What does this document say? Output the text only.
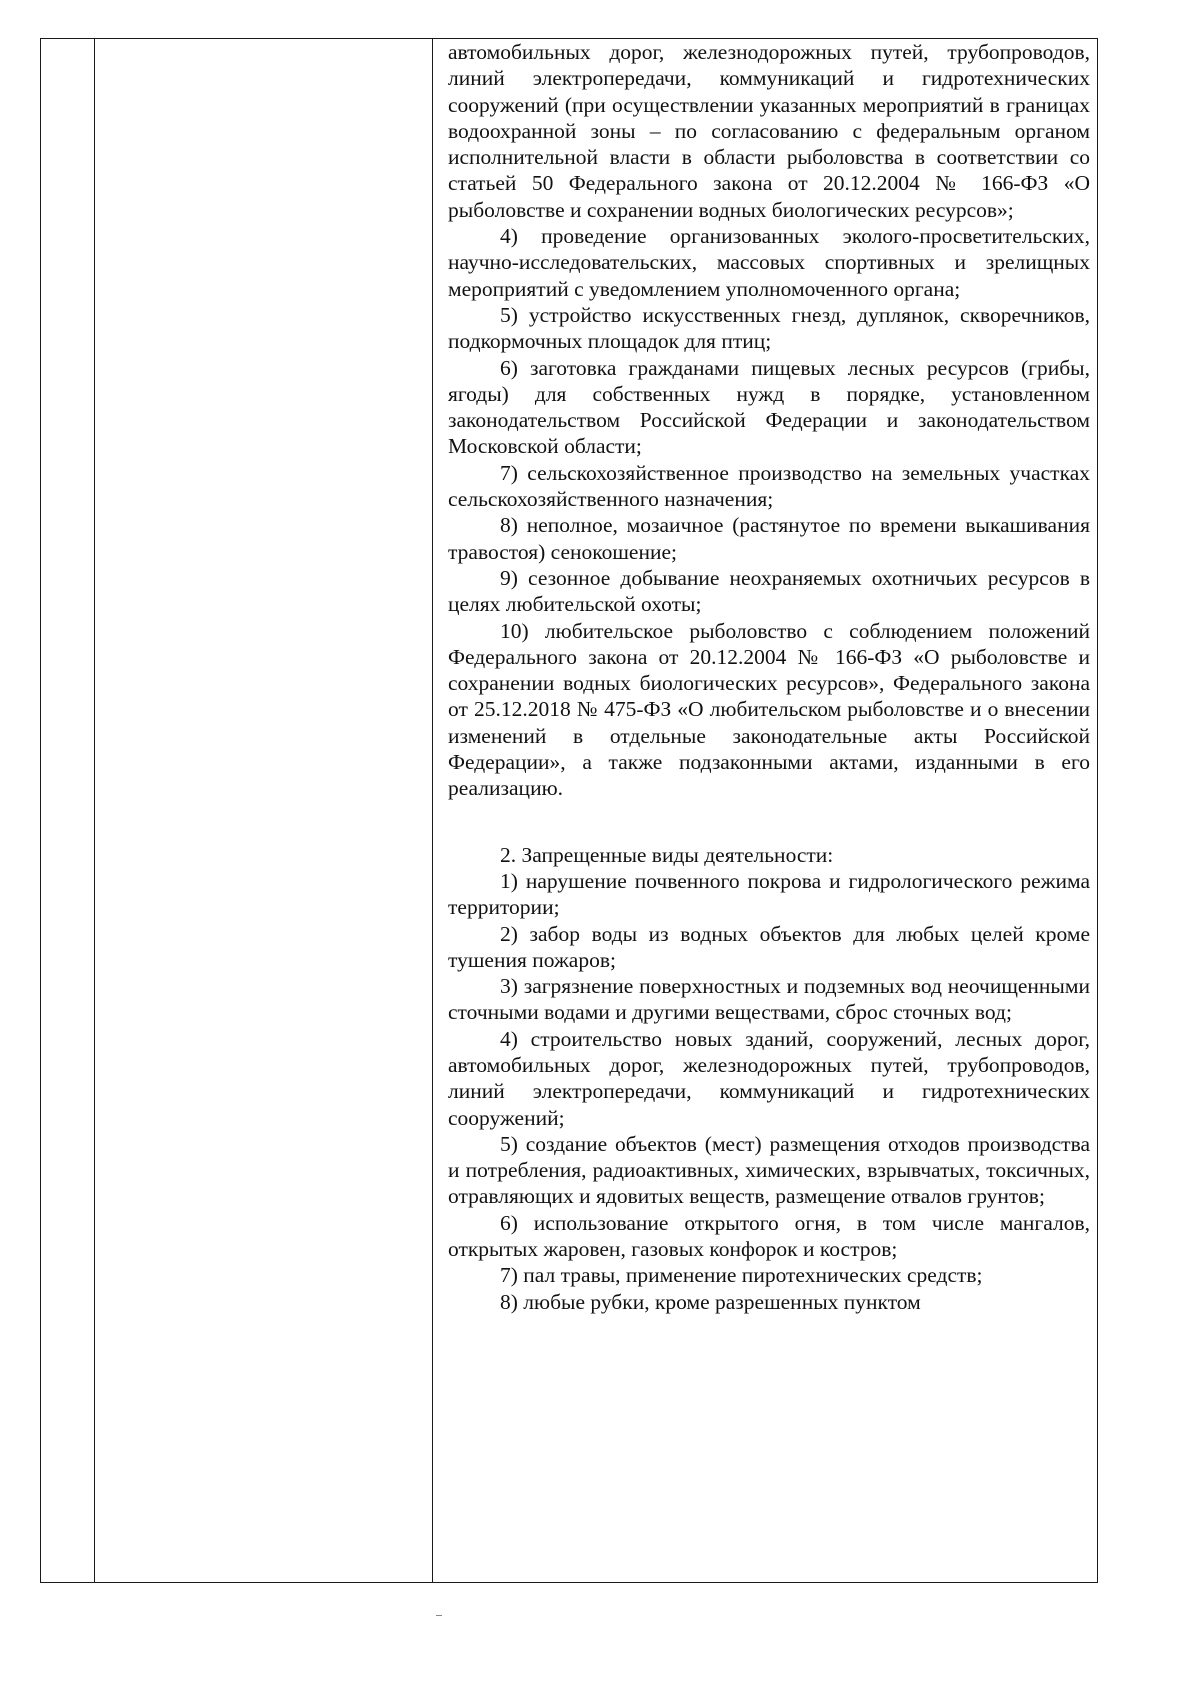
автомобильных дорог, железнодорожных путей, трубопроводов, линий электропередачи, коммуникаций и гидротехнических сооружений (при осуществлении указанных мероприятий в границах водоохранной зоны – по согласованию с федеральным органом исполнительной власти в области рыболовства в соответствии со статьей 50 Федерального закона от 20.12.2004 № 166-ФЗ «О рыболовстве и сохранении водных биологических ресурсов»;

4) проведение организованных эколого-просветительских, научно-исследовательских, массовых спортивных и зрелищных мероприятий с уведомлением уполномоченного органа;

5) устройство искусственных гнезд, дуплянок, скворечников, подкормочных площадок для птиц;

6) заготовка гражданами пищевых лесных ресурсов (грибы, ягоды) для собственных нужд в порядке, установленном законодательством Российской Федерации и законодательством Московской области;

7) сельскохозяйственное производство на земельных участках сельскохозяйственного назначения;

8) неполное, мозаичное (растянутое по времени выкашивания травостоя) сенокошение;

9) сезонное добывание неохраняемых охотничьих ресурсов в целях любительской охоты;

10) любительское рыболовство с соблюдением положений Федерального закона от 20.12.2004 № 166-ФЗ «О рыболовстве и сохранении водных биологических ресурсов», Федерального закона от 25.12.2018 № 475-ФЗ «О любительском рыболовстве и о внесении изменений в отдельные законодательные акты Российской Федерации», а также подзаконными актами, изданными в его реализацию.

2. Запрещенные виды деятельности:

1) нарушение почвенного покрова и гидрологического режима территории;

2) забор воды из водных объектов для любых целей кроме тушения пожаров;

3) загрязнение поверхностных и подземных вод неочищенными сточными водами и другими веществами, сброс сточных вод;

4) строительство новых зданий, сооружений, лесных дорог, автомобильных дорог, железнодорожных путей, трубопроводов, линий электропередачи, коммуникаций и гидротехнических сооружений;

5) создание объектов (мест) размещения отходов производства и потребления, радиоактивных, химических, взрывчатых, токсичных, отравляющих и ядовитых веществ, размещение отвалов грунтов;

6) использование открытого огня, в том числе мангалов, открытых жаровен, газовых конфорок и костров;

7) пал травы, применение пиротехнических средств;

8) любые рубки, кроме разрешенных пунктом
